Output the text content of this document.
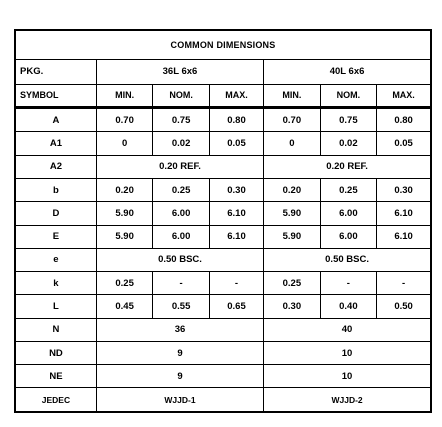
COMMON DIMENSIONS						
PKG.	36L 6x6			40L 6x6		
SYMBOL	MIN.	NOM.	MAX.	MIN.	NOM.	MAX.
A	0.70	0.75	0.80	0.70	0.75	0.80
A1	0	0.02	0.05	0	0.02	0.05
A2	0.20 REF.			0.20 REF.		
b	0.20	0.25	0.30	0.20	0.25	0.30
D	5.90	6.00	6.10	5.90	6.00	6.10
E	5.90	6.00	6.10	5.90	6.00	6.10
e	0.50 BSC.			0.50 BSC.		
k	0.25	-	-	0.25	-	-
L	0.45	0.55	0.65	0.30	0.40	0.50
N	36			40		
ND	9			10		
NE	9			10		
JEDEC	WJJD-1			WJJD-2		
